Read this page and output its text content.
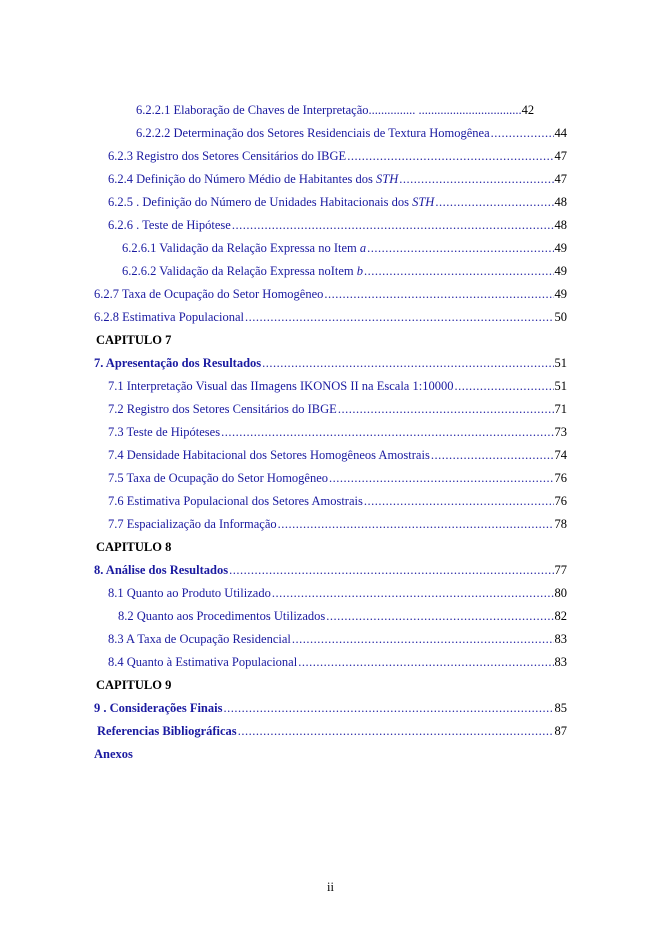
6.2.2.1 Elaboração de Chaves de Interpretação............... ................................. 42
6.2.2.2 Determinação dos Setores Residenciais de Textura Homogênea .....	44
6.2.3 Registro dos Setores Censitários do IBGE .....	47
6.2.4 Definição do Número Médio de Habitantes dos STH .....	47
6.2.5 . Definição do Número de Unidades Habitacionais dos STH .....	48
6.2.6 . Teste de Hipótese .....	48
6.2.6.1 Validação da Relação Expressa no Item a .....	49
6.2.6.2 Validação da Relação Expressa noItem b .....	49
6.2.7 Taxa de Ocupação do Setor Homogêneo .....	49
6.2.8 Estimativa Populacional .....	50
CAPITULO 7
7. Apresentação dos Resultados .....	51
7.1 Interpretação Visual das IImagens IKONOS II na Escala 1:10000 .....	51
7.2 Registro dos Setores Censitários do IBGE .....	71
7.3 Teste de Hipóteses .....	73
7.4 Densidade Habitacional dos Setores Homogêneos Amostrais .....	74
7.5 Taxa de Ocupação do Setor Homogêneo .....	76
7.6 Estimativa Populacional dos Setores Amostrais .....	76
7.7 Espacialização da Informação .....	78
CAPITULO 8
8. Análise dos Resultados .....	77
8.1 Quanto ao Produto Utilizado .....	80
8.2 Quanto aos Procedimentos Utilizados .....	82
8.3 A Taxa de Ocupação Residencial .....	83
8.4 Quanto à Estimativa Populacional .....	83
CAPITULO 9
9 . Considerações Finais .....	85
Referencias Bibliográficas .....	87
Anexos
ii
